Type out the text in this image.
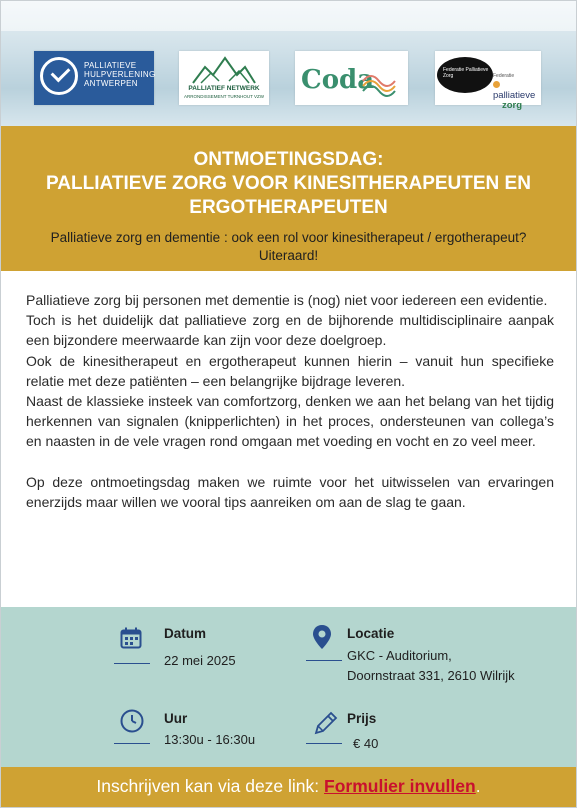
PALLIATIEVE
HULPVERLENING
ANTWERPEN
PALLIATIEF NETWERK
ARRONDISSEMENT TURNHOUT VZW
Coda	Federatie Palliatieve Zorg	Federatie
palliatieve
zorg
ONTMOETINGSDAG:
PALLIATIEVE ZORG VOOR KINESITHERAPEUTEN EN
ERGOTHERAPEUTEN
Palliatieve zorg en dementie : ook een rol voor kinesitherapeut / ergotherapeut? Uiteraard!

Palliatieve zorg bij personen met dementie is (nog) niet voor iedereen een evidentie.

Toch is het duidelijk dat palliatieve zorg en de bijhorende multidisciplinaire aanpak een bijzondere meerwaarde kan zijn voor deze doelgroep.

Ook de kinesitherapeut en ergotherapeut kunnen hierin – vanuit hun specifieke relatie met deze patiënten – een belangrijke bijdrage leveren.

Naast de klassieke insteek van comfortzorg, denken we aan het belang van het tijdig herkennen van signalen (knipperlichten) in het proces, ondersteunen van collega’s en naasten in de vele vragen rond omgaan met voeding en vocht en zo veel meer.

Op deze ontmoetingsdag maken we ruimte voor het uitwisselen van ervaringen enerzijds maar willen we vooral tips aanreiken om aan de slag te gaan.

Datum
22 mei 2025
Locatie
GKC - Auditorium,
Doornstraat 331, 2610 Wilrijk
Uur
13:30u - 16:30u
Prijs
€ 40
Inschrijven kan via deze link: Formulier invullen.
